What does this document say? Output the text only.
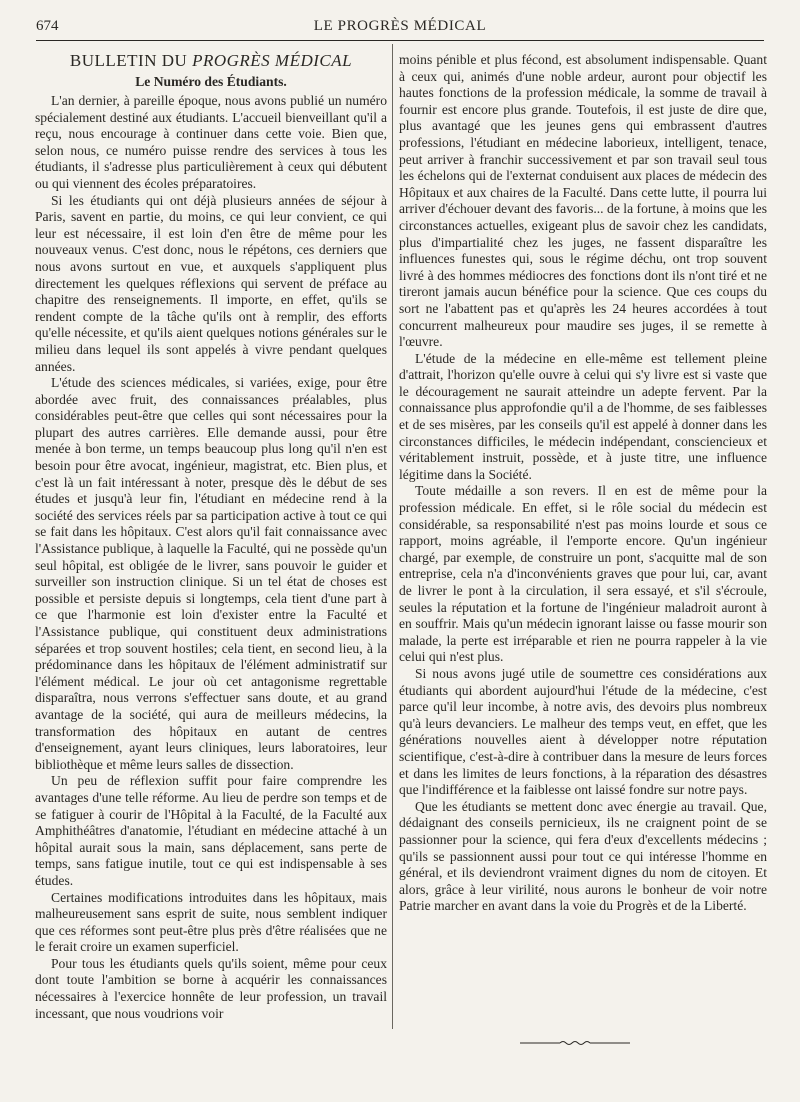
674	LE PROGRÈS MÉDICAL
BULLETIN DU PROGRÈS MÉDICAL
Le Numéro des Étudiants.

L'an dernier, à pareille époque, nous avons publié un numéro spécialement destiné aux étudiants. L'accueil bienveillant qu'il a reçu, nous encourage à continuer dans cette voie. Bien que, selon nous, ce numéro puisse rendre des services à tous les étudiants, il s'adresse plus particulièrement à ceux qui débutent ou qui viennent des écoles préparatoires.

Si les étudiants qui ont déjà plusieurs années de séjour à Paris, savent en partie, du moins, ce qui leur convient, ce qui leur est nécessaire, il est loin d'en être de même pour les nouveaux venus. C'est donc, nous le répétons, ces derniers que nous avons surtout en vue, et auxquels s'appliquent plus directement les quelques réflexions qui servent de préface au chapitre des renseignements. Il importe, en effet, qu'ils se rendent compte de la tâche qu'ils ont à remplir, des efforts qu'elle nécessite, et qu'ils aient quelques notions générales sur le milieu dans lequel ils sont appelés à vivre pendant quelques années.

L'étude des sciences médicales, si variées, exige, pour être abordée avec fruit, des connaissances préalables, plus considérables peut-être que celles qui sont nécessaires pour la plupart des autres carrières. Elle demande aussi, pour être menée à bon terme, un temps beaucoup plus long qu'il n'en est besoin pour être avocat, ingénieur, magistrat, etc. Bien plus, et c'est là un fait intéressant à noter, presque dès le début de ses études et jusqu'à leur fin, l'étudiant en médecine rend à la société des services réels par sa participation active à tout ce qui se fait dans les hôpitaux. C'est alors qu'il fait connaissance avec l'Assistance publique, à laquelle la Faculté, qui ne possède qu'un seul hôpital, est obligée de le livrer, sans pouvoir le guider et surveiller son instruction clinique. Si un tel état de choses est possible et persiste depuis si longtemps, cela tient d'une part à ce que l'harmonie est loin d'exister entre la Faculté et l'Assistance publique, qui constituent deux administrations séparées et trop souvent hostiles; cela tient, en second lieu, à la prédominance dans les hôpitaux de l'élément administratif sur l'élément médical. Le jour où cet antagonisme regrettable disparaîtra, nous verrons s'effectuer sans doute, et au grand avantage de la société, qui aura de meilleurs médecins, la transformation des hôpitaux en autant de centres d'enseignement, ayant leurs cliniques, leurs laboratoires, leur bibliothèque et même leurs salles de dissection.

Un peu de réflexion suffit pour faire comprendre les avantages d'une telle réforme. Au lieu de perdre son temps et de se fatiguer à courir de l'Hôpital à la Faculté, de la Faculté aux Amphithéâtres d'anatomie, l'étudiant en médecine attaché à un hôpital aurait sous la main, sans déplacement, sans perte de temps, sans fatigue inutile, tout ce qui est indispensable à ses études.

Certaines modifications introduites dans les hôpitaux, mais malheureusement sans esprit de suite, nous semblent indiquer que ces réformes sont peut-être plus près d'être réalisées que ne le ferait croire un examen superficiel.

Pour tous les étudiants quels qu'ils soient, même pour ceux dont toute l'ambition se borne à acquérir les connaissances nécessaires à l'exercice honnête de leur profession, un travail incessant, que nous voudrions voir

moins pénible et plus fécond, est absolument indispensable. Quant à ceux qui, animés d'une noble ardeur, auront pour objectif les hautes fonctions de la profession médicale, la somme de travail à fournir est encore plus grande. Toutefois, il est juste de dire que, plus avantagé que les jeunes gens qui embrassent d'autres professions, l'étudiant en médecine laborieux, intelligent, tenace, peut arriver à franchir successivement et par son travail seul tous les échelons qui de l'externat conduisent aux places de médecin des Hôpitaux et aux chaires de la Faculté. Dans cette lutte, il pourra lui arriver d'échouer devant des favoris... de la fortune, à moins que les circonstances actuelles, exigeant plus de savoir chez les candidats, plus d'impartialité chez les juges, ne fassent disparaître les influences funestes qui, sous le régime déchu, ont trop souvent livré à des hommes médiocres des fonctions dont ils n'ont tiré et ne tireront jamais aucun bénéfice pour la science. Que ces coups du sort ne l'abattent pas et qu'après les 24 heures accordées à tout concurrent malheureux pour maudire ses juges, il se remette à l'œuvre.

L'étude de la médecine en elle-même est tellement pleine d'attrait, l'horizon qu'elle ouvre à celui qui s'y livre est si vaste que le découragement ne saurait atteindre un adepte fervent. Par la connaissance plus approfondie qu'il a de l'homme, de ses faiblesses et de ses misères, par les conseils qu'il est appelé à donner dans les circonstances difficiles, le médecin indépendant, consciencieux et véritablement instruit, possède, et à juste titre, une influence légitime dans la Société.

Toute médaille a son revers. Il en est de même pour la profession médicale. En effet, si le rôle social du médecin est considérable, sa responsabilité n'est pas moins lourde et sous ce rapport, moins agréable, il l'emporte encore. Qu'un ingénieur chargé, par exemple, de construire un pont, s'acquitte mal de son entreprise, cela n'a d'inconvénients graves que pour lui, car, avant de livrer le pont à la circulation, il sera essayé, et s'il s'écroule, seules la réputation et la fortune de l'ingénieur maladroit auront à en souffrir. Mais qu'un médecin ignorant laisse ou fasse mourir son malade, la perte est irréparable et rien ne pourra rappeler à la vie celui qui n'est plus.

Si nous avons jugé utile de soumettre ces considérations aux étudiants qui abordent aujourd'hui l'étude de la médecine, c'est parce qu'il leur incombe, à notre avis, des devoirs plus nombreux qu'à leurs devanciers. Le malheur des temps veut, en effet, que les générations nouvelles aient à développer notre réputation scientifique, c'est-à-dire à contribuer dans la mesure de leurs forces et dans les limites de leurs fonctions, à la réparation des désastres que l'indifférence et la faiblesse ont laissé fondre sur notre pays.

Que les étudiants se mettent donc avec énergie au travail. Que, dédaignant des conseils pernicieux, ils ne craignent point de se passionner pour la science, qui fera d'eux d'excellents médecins ; qu'ils se passionnent aussi pour tout ce qui intéresse l'homme en général, et ils deviendront vraiment dignes du nom de citoyen. Et alors, grâce à leur virilité, nous aurons le bonheur de voir notre Patrie marcher en avant dans la voie du Progrès et de la Liberté.
